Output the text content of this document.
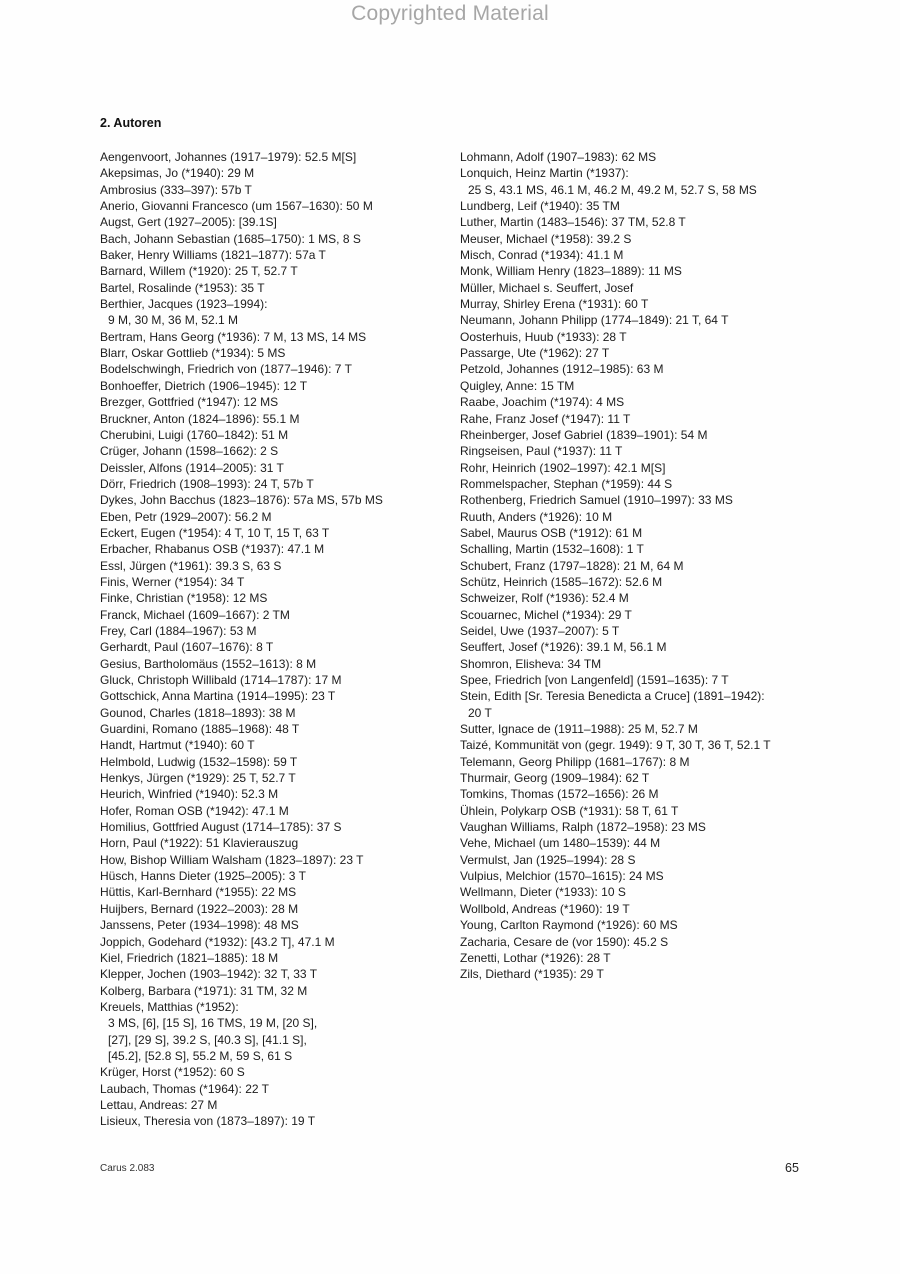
Copyrighted Material
2. Autoren
Aengenvoort, Johannes (1917–1979): 52.5 M[S]
Akepsimas, Jo (*1940): 29 M
Ambrosius (333–397): 57b T
Anerio, Giovanni Francesco (um 1567–1630): 50 M
Augst, Gert (1927–2005): [39.1S]
Bach, Johann Sebastian (1685–1750): 1 MS, 8 S
Baker, Henry Williams (1821–1877): 57a T
Barnard, Willem (*1920): 25 T, 52.7 T
Bartel, Rosalinde (*1953): 35 T
Berthier, Jacques (1923–1994):
9 M, 30 M, 36 M, 52.1 M
Bertram, Hans Georg (*1936): 7 M, 13 MS, 14 MS
Blarr, Oskar Gottlieb (*1934): 5 MS
Bodelschwingh, Friedrich von (1877–1946): 7 T
Bonhoeffer, Dietrich (1906–1945): 12 T
Brezger, Gottfried (*1947): 12 MS
Bruckner, Anton (1824–1896): 55.1 M
Cherubini, Luigi (1760–1842): 51 M
Crüger, Johann (1598–1662): 2 S
Deissler, Alfons (1914–2005): 31 T
Dörr, Friedrich (1908–1993): 24 T, 57b T
Dykes, John Bacchus (1823–1876): 57a MS, 57b MS
Eben, Petr (1929–2007): 56.2 M
Eckert, Eugen (*1954): 4 T, 10 T, 15 T, 63 T
Erbacher, Rhabanus OSB (*1937): 47.1 M
Essl, Jürgen (*1961): 39.3 S, 63 S
Finis, Werner (*1954): 34 T
Finke, Christian (*1958): 12 MS
Franck, Michael (1609–1667): 2 TM
Frey, Carl (1884–1967): 53 M
Gerhardt, Paul (1607–1676): 8 T
Gesius, Bartholomäus (1552–1613): 8 M
Gluck, Christoph Willibald (1714–1787): 17 M
Gottschick, Anna Martina (1914–1995): 23 T
Gounod, Charles (1818–1893): 38 M
Guardini, Romano (1885–1968): 48 T
Handt, Hartmut (*1940): 60 T
Helmbold, Ludwig (1532–1598): 59 T
Henkys, Jürgen (*1929): 25 T, 52.7 T
Heurich, Winfried (*1940): 52.3 M
Hofer, Roman OSB (*1942): 47.1 M
Homilius, Gottfried August (1714–1785): 37 S
Horn, Paul (*1922): 51 Klavierauszug
How, Bishop William Walsham (1823–1897): 23 T
Hüsch, Hanns Dieter (1925–2005): 3 T
Hüttis, Karl-Bernhard (*1955): 22 MS
Huijbers, Bernard (1922–2003): 28 M
Janssens, Peter (1934–1998): 48 MS
Joppich, Godehard (*1932): [43.2 T], 47.1 M
Kiel, Friedrich (1821–1885): 18 M
Klepper, Jochen (1903–1942): 32 T, 33 T
Kolberg, Barbara (*1971): 31 TM, 32 M
Kreuels, Matthias (*1952):
3 MS, [6], [15 S], 16 TMS, 19 M, [20 S],
[27], [29 S], 39.2 S, [40.3 S], [41.1 S],
[45.2], [52.8 S], 55.2 M, 59 S, 61 S
Krüger, Horst (*1952): 60 S
Laubach, Thomas (*1964): 22 T
Lettau, Andreas: 27 M
Lisieux, Theresia von (1873–1897): 19 T
Lohmann, Adolf (1907–1983): 62 MS
Lonquich, Heinz Martin (*1937):
25 S, 43.1 MS, 46.1 M, 46.2 M, 49.2 M, 52.7 S, 58 MS
Lundberg, Leif (*1940): 35 TM
Luther, Martin (1483–1546): 37 TM, 52.8 T
Meuser, Michael (*1958): 39.2 S
Misch, Conrad (*1934): 41.1 M
Monk, William Henry (1823–1889): 11 MS
Müller, Michael s. Seuffert, Josef
Murray, Shirley Erena (*1931): 60 T
Neumann, Johann Philipp (1774–1849): 21 T, 64 T
Oosterhuis, Huub (*1933): 28 T
Passarge, Ute (*1962): 27 T
Petzold, Johannes (1912–1985): 63 M
Quigley, Anne: 15 TM
Raabe, Joachim (*1974): 4 MS
Rahe, Franz Josef (*1947): 11 T
Rheinberger, Josef Gabriel (1839–1901): 54 M
Ringseisen, Paul (*1937): 11 T
Rohr, Heinrich (1902–1997): 42.1 M[S]
Rommelspacher, Stephan (*1959): 44 S
Rothenberg, Friedrich Samuel (1910–1997): 33 MS
Ruuth, Anders (*1926): 10 M
Sabel, Maurus OSB (*1912): 61 M
Schalling, Martin (1532–1608): 1 T
Schubert, Franz (1797–1828): 21 M, 64 M
Schütz, Heinrich (1585–1672): 52.6 M
Schweizer, Rolf (*1936): 52.4 M
Scouarnec, Michel (*1934): 29 T
Seidel, Uwe (1937–2007): 5 T
Seuffert, Josef (*1926): 39.1 M, 56.1 M
Shomron, Elisheva: 34 TM
Spee, Friedrich [von Langenfeld] (1591–1635): 7 T
Stein, Edith [Sr. Teresia Benedicta a Cruce] (1891–1942):
20 T
Sutter, Ignace de (1911–1988): 25 M, 52.7 M
Taizé, Kommunität von (gegr. 1949): 9 T, 30 T, 36 T, 52.1 T
Telemann, Georg Philipp (1681–1767): 8 M
Thurmair, Georg (1909–1984): 62 T
Tomkins, Thomas (1572–1656): 26 M
Ühlein, Polykarp OSB (*1931): 58 T, 61 T
Vaughan Williams, Ralph (1872–1958): 23 MS
Vehe, Michael (um 1480–1539): 44 M
Vermulst, Jan (1925–1994): 28 S
Vulpius, Melchior (1570–1615): 24 MS
Wellmann, Dieter (*1933): 10 S
Wollbold, Andreas (*1960): 19 T
Young, Carlton Raymond (*1926): 60 MS
Zacharia, Cesare de (vor 1590): 45.2 S
Zenetti, Lothar (*1926): 28 T
Zils, Diethard (*1935): 29 T
Carus 2.083	65
